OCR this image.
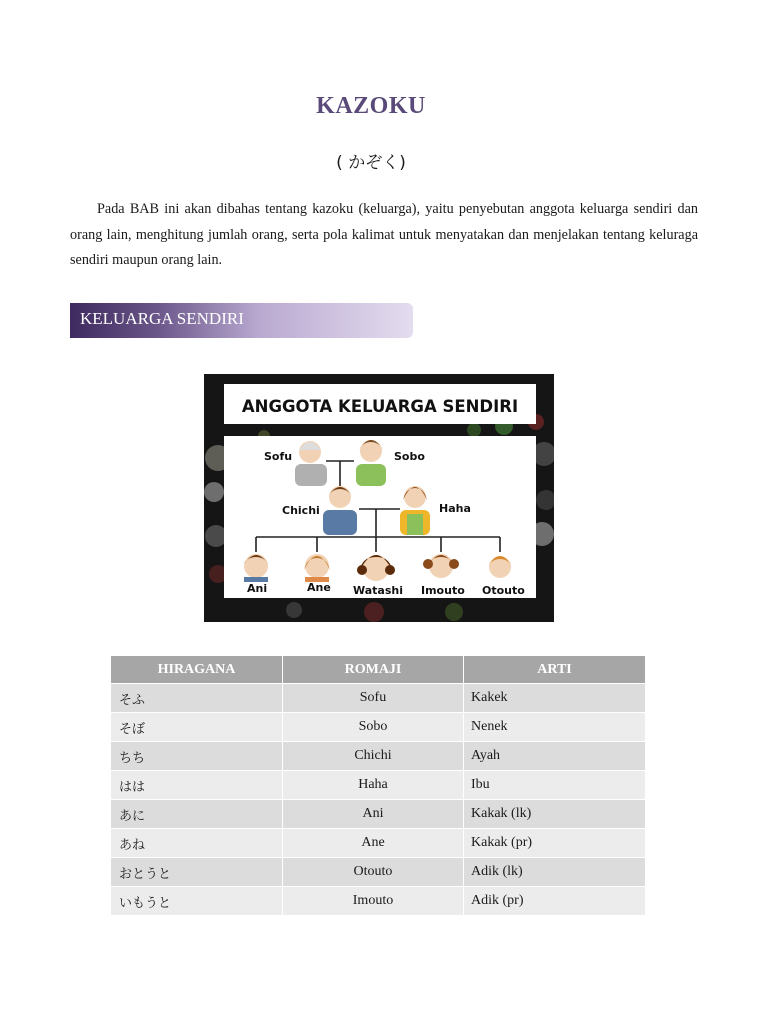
KAZOKU
( かぞく)

Pada BAB ini akan dibahas tentang kazoku (keluarga), yaitu penyebutan anggota keluarga sendiri dan orang lain, menghitung jumlah orang, serta pola kalimat untuk menyatakan dan menjelakan tentang keluraga sendiri maupun orang lain.

KELUARGA SENDIRI
ANGGOTA KELUARGA SENDIRI
Sofu	Sobo
Chichi	Haha
Ani	Ane Watashi Imouto Otouto
HIRAGANA	ROMAJI	ARTI
そふ	Sofu	Kakek
そぼ	Sobo	Nenek
ちち	Chichi	Ayah
はは	Haha	Ibu
あに	Ani	Kakak (lk)
あね	Ane	Kakak (pr)
おとうと	Otouto	Adik (lk)
いもうと	Imouto	Adik (pr)
